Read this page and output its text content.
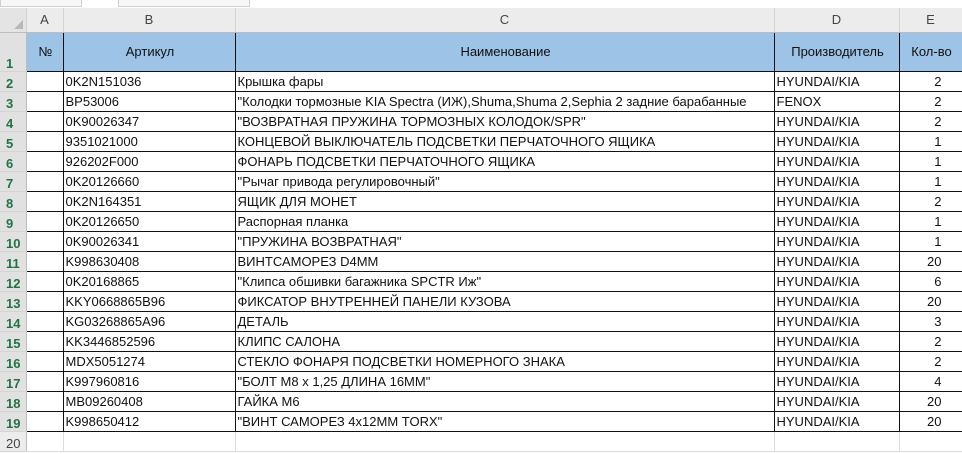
	A	B	C	D	E
1	№	Артикул	Наименование	Производитель	Кол-во
2		0K2N151036	Крышка фары	HYUNDAI/KIA	2
3		BP53006	"Колодки тормозные KIA Spectra (ИЖ),Shuma,Shuma 2,Sephia 2 задние барабанные	FENOX	2
4		0K90026347	"ВОЗВРАТНАЯ ПРУЖИНА ТОРМОЗНЫХ КОЛОДОК/SPR"	HYUNDAI/KIA	2
5		9351021000	КОНЦЕВОЙ ВЫКЛЮЧАТЕЛЬ ПОДСВЕТКИ ПЕРЧАТОЧНОГО ЯЩИКА	HYUNDAI/KIA	1
6		926202F000	ФОНАРЬ ПОДСВЕТКИ ПЕРЧАТОЧНОГО ЯЩИКА	HYUNDAI/KIA	1
7		0K20126660	"Рычаг привода регулировочный"	HYUNDAI/KIA	1
8		0K2N164351	ЯЩИК ДЛЯ МОНЕТ	HYUNDAI/KIA	2
9		0K20126650	Распорная планка	HYUNDAI/KIA	1
10		0K90026341	"ПРУЖИНА ВОЗВРАТНАЯ"	HYUNDAI/KIA	1
11		K998630408	ВИНТСАМОРЕЗ D4MM	HYUNDAI/KIA	20
12		0K20168865	"Клипса обшивки багажника SPCTR Иж"	HYUNDAI/KIA	6
13		KKY0668865B96	ФИКСАТОР ВНУТРЕННЕЙ ПАНЕЛИ КУЗОВА	HYUNDAI/KIA	20
14		KG03268865A96	ДЕТАЛЬ	HYUNDAI/KIA	3
15		KK3446852596	КЛИПС САЛОНА	HYUNDAI/KIA	2
16		MDX5051274	СТЕКЛО ФОНАРЯ ПОДСВЕТКИ НОМЕРНОГО ЗНАКА	HYUNDAI/KIA	2
17		K997960816	"БОЛТ М8 х 1,25 ДЛИНА 16ММ"	HYUNDAI/KIA	4
18		MB09260408	ГАЙКА М6	HYUNDAI/KIA	20
19		K998650412	"ВИНТ САМОРЕЗ 4х12ММ TORX"	HYUNDAI/KIA	20
20					
